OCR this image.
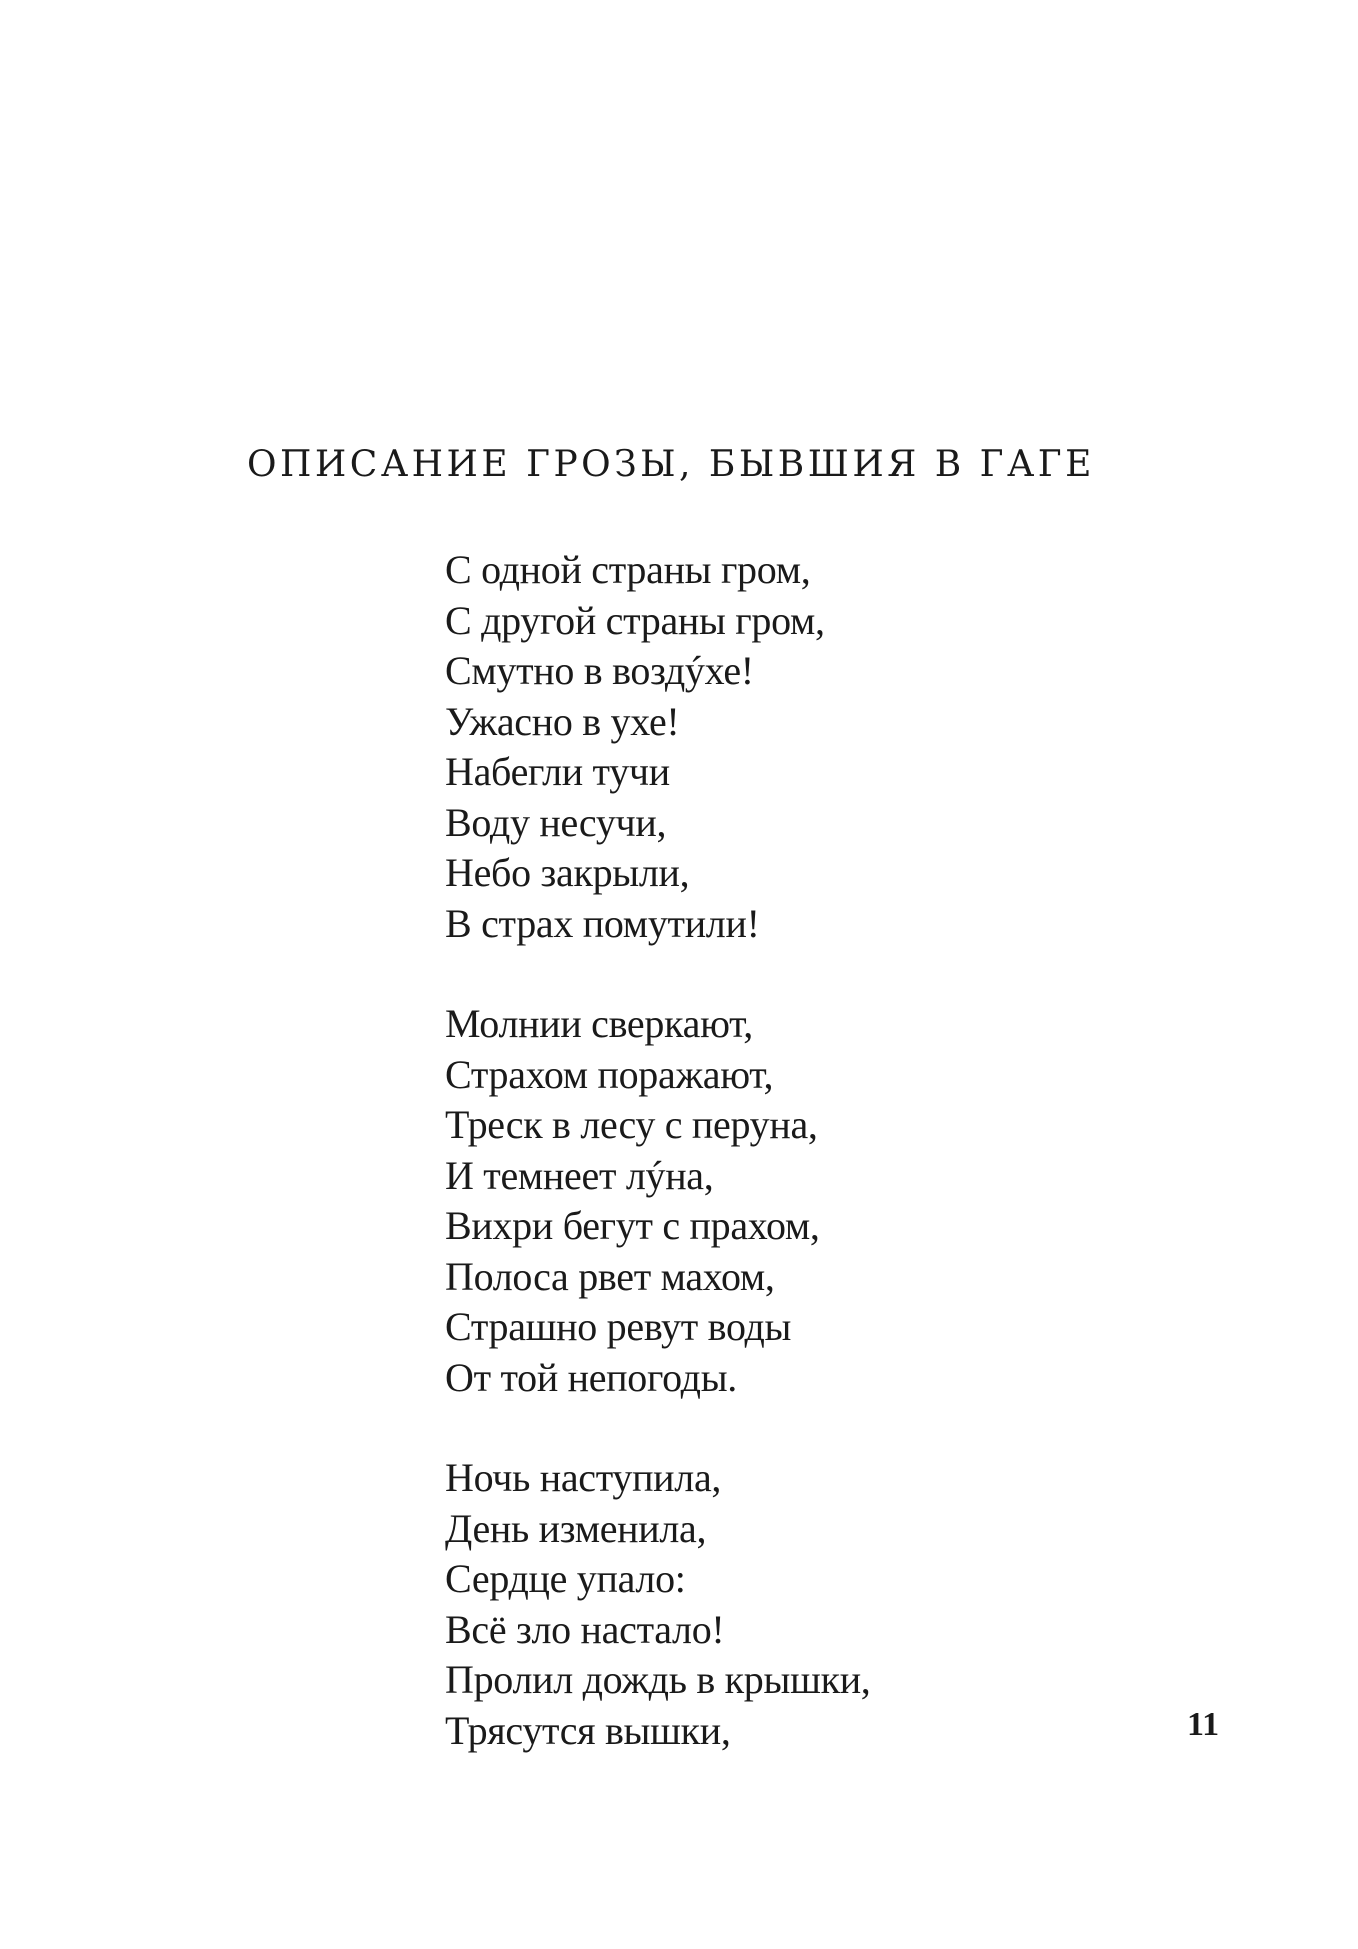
ОПИСАНИЕ ГРОЗЫ, БЫВШИЯ В ГАГЕ
С одной страны гром,
С другой страны гром,
Смутно в воздýхе!
Ужасно в ухе!
Набегли тучи
Воду несучи,
Небо закрыли,
В страх помутили!
Молнии сверкают,
Страхом поражают,
Треск в лесу с перуна,
И темнеет лýна,
Вихри бегут с прахом,
Полоса рвет махом,
Страшно ревут воды
От той непогоды.
Ночь наступила,
День изменила,
Сердце упало:
Всё зло настало!
Пролил дождь в крышки,
Трясутся вышки,	11
